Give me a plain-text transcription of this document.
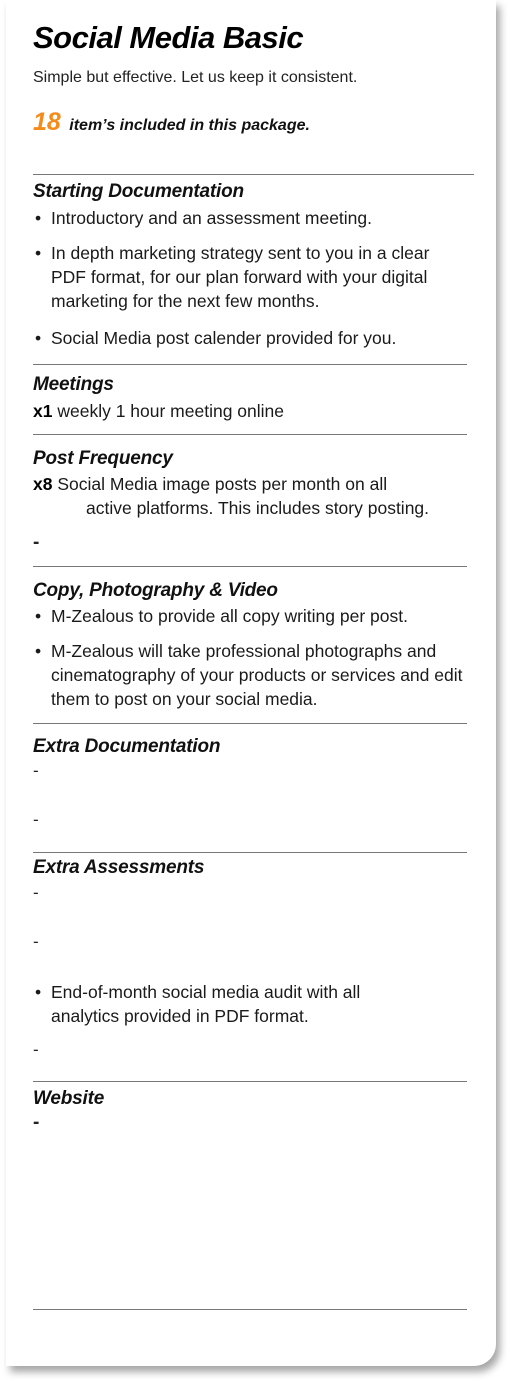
Social Media Basic
Simple but effective. Let us keep it consistent.
18 item’s included in this package.
Starting Documentation
• Introductory and an assessment meeting.
• In depth marketing strategy sent to you in a clear PDF format, for our plan forward with your digital marketing for the next few months.
• Social Media post calender provided for you.
Meetings
x1 weekly 1 hour meeting online
Post Frequency
x8 Social Media image posts per month on all
active platforms. This includes story posting.
-
Copy, Photography & Video
• M-Zealous to provide all copy writing per post.
• M-Zealous will take professional photographs and cinematography of your products or services and edit them to post on your social media.
Extra Documentation
-
-
Extra Assessments
-
-
• End-of-month social media audit with all analytics provided in PDF format.
-
Website
-
